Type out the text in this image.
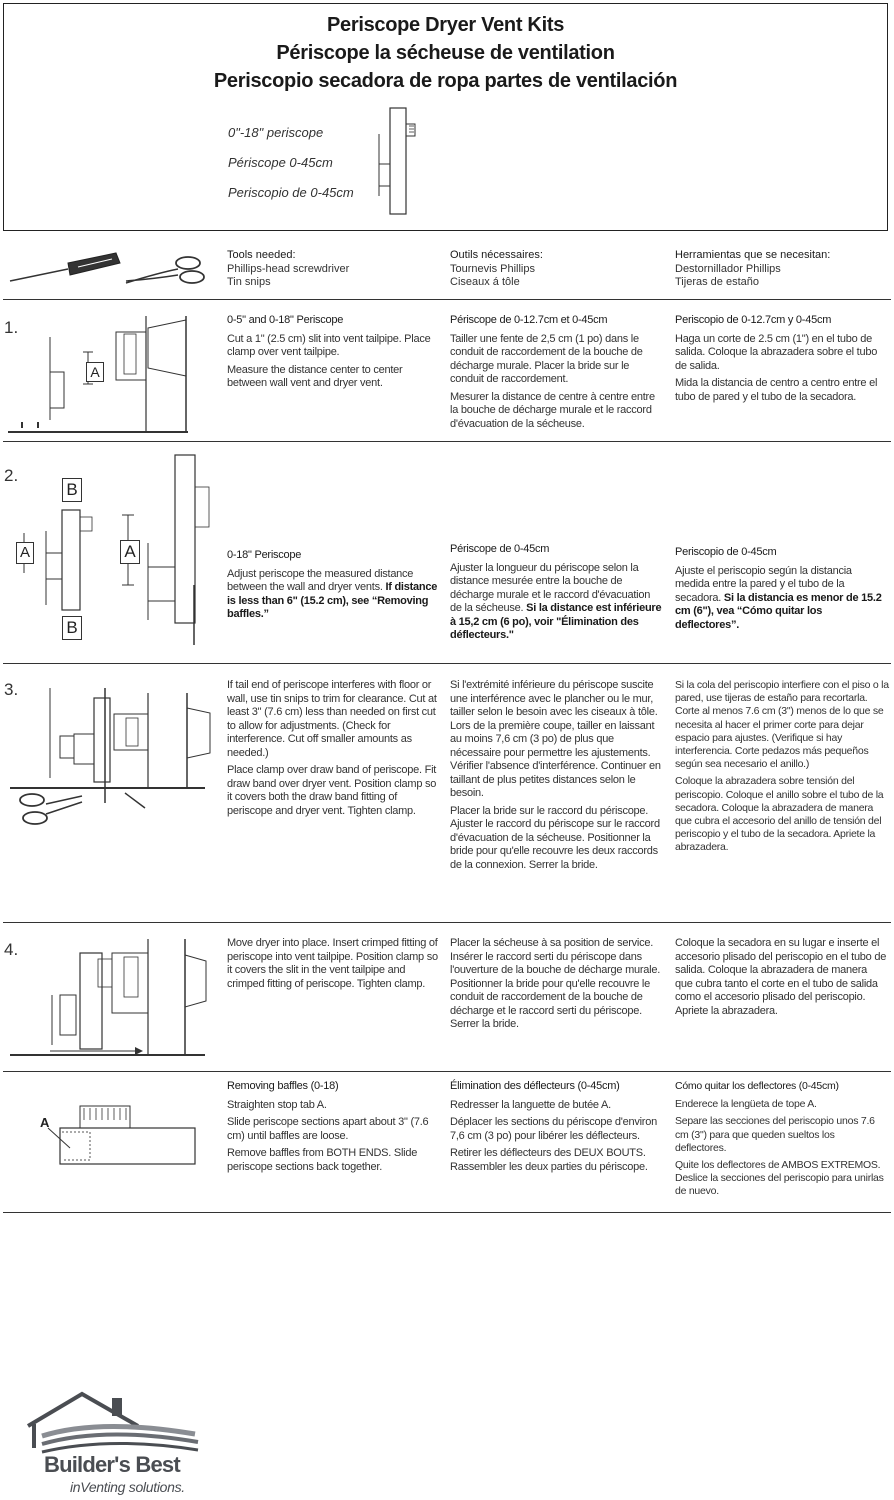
Periscope Dryer Vent Kits
Périscope la sécheuse de ventilation
Periscopio secadora de ropa partes de ventilación
0"-18" periscope
Périscope 0-45cm
Periscopio de 0-45cm
Tools needed:
Phillips-head screwdriver
Tin snips
Outils nécessaires:
Tournevis Phillips
Ciseaux á tôle
Herramientas que se necesitan:
Destornillador Phillips
Tijeras de estaño
1.
A

0-5" and 0-18" Periscope

Cut a 1" (2.5 cm) slit into vent tailpipe. Place clamp over vent tailpipe.

Measure the distance center to center between wall vent and dryer vent.

Périscope de 0-12.7cm et 0-45cm

Tailler une fente de 2,5 cm (1 po) dans le conduit de raccordement de la bouche de décharge murale. Placer la bride sur le conduit de raccordement.

Mesurer la distance de centre à centre entre la bouche de décharge murale et le raccord d'évacuation de la sécheuse.

Periscopio de 0-12.7cm y 0-45cm

Haga un corte de 2.5 cm (1") en el tubo de salida. Coloque la abrazadera sobre el tubo de salida.

Mida la distancia de centro a centro entre el tubo de pared y el tubo de la secadora.

2.
B
B
A	A	0-18" Periscope

Adjust periscope the measured distance between the wall and dryer vents. If distance is less than 6" (15.2 cm), see “Removing baffles.”

Périscope de 0-45cm

Ajuster la longueur du périscope selon la distance mesurée entre la bouche de décharge murale et le raccord d'évacuation de la sécheuse. Si la distance est inférieure à 15,2 cm (6 po), voir "Élimination des déflecteurs."

Periscopio de 0-45cm

Ajuste el periscopio según la distancia medida entre la pared y el tubo de la secadora. Si la distancia es menor de 15.2 cm (6"), vea “Cómo quitar los deflectores”.

3.	If tail end of periscope interferes with floor or wall, use tin snips to trim for clearance. Cut at least 3" (7.6 cm) less than needed on first cut to allow for adjustments. (Check for interference. Cut off smaller amounts as needed.)

Place clamp over draw band of periscope. Fit draw band over dryer vent. Position clamp so it covers both the draw band fitting of periscope and dryer vent. Tighten clamp.

Si l'extrémité inférieure du périscope suscite une interférence avec le plancher ou le mur, tailler selon le besoin avec les ciseaux à tôle. Lors de la première coupe, tailler en laissant au moins 7,6 cm (3 po) de plus que nécessaire pour permettre les ajustements. Vérifier l'absence d'interférence. Continuer en taillant de plus petites distances selon le besoin.

Placer la bride sur le raccord du périscope. Ajuster le raccord du périscope sur le raccord d'évacuation de la sécheuse. Positionner la bride pour qu'elle recouvre les deux raccords de la connexion. Serrer la bride.

Si la cola del periscopio interfiere con el piso o la pared, use tijeras de estaño para recortarla. Corte al menos 7.6 cm (3") menos de lo que se necesita al hacer el primer corte para dejar espacio para ajustes. (Verifique si hay interferencia. Corte pedazos más pequeños según sea necesario el anillo.)

Coloque la abrazadera sobre tensión del periscopio. Coloque el anillo sobre el tubo de la secadora. Coloque la abrazadera de manera que cubra el accesorio del anillo de tensión del periscopio y el tubo de la secadora. Apriete la abrazadera.

4.	Move dryer into place. Insert crimped fitting of periscope into vent tailpipe. Position clamp so it covers the slit in the vent tailpipe and crimped fitting of periscope. Tighten clamp.

Placer la sécheuse à sa position de service. Insérer le raccord serti du périscope dans l'ouverture de la bouche de décharge murale. Positionner la bride pour qu'elle recouvre le conduit de raccordement de la bouche de décharge et le raccord serti du périscope. Serrer la bride.

Coloque la secadora en su lugar e inserte el accesorio plisado del periscopio en el tubo de salida. Coloque la abrazadera de manera que cubra tanto el corte en el tubo de salida como el accesorio plisado del periscopio. Apriete la abrazadera.

A

Removing baffles (0-18)

Straighten stop tab A.

Slide periscope sections apart about 3" (7.6 cm) until baffles are loose.

Remove baffles from BOTH ENDS. Slide periscope sections back together.

Élimination des déflecteurs (0-45cm)

Redresser la languette de butée A.

Déplacer les sections du périscope d'environ 7,6 cm (3 po) pour libérer les déflecteurs.

Retirer les déflecteurs des DEUX BOUTS. Rassembler les deux parties du périscope.

Cómo quitar los deflectores (0-45cm)

Enderece la lengüeta de tope A.

Separe las secciones del periscopio unos 7.6 cm (3") para que queden sueltos los deflectores.

Quite los deflectores de AMBOS EXTREMOS. Deslice la secciones del periscopio para unirlas de nuevo.

Builder's Best
inVenting solutions.
